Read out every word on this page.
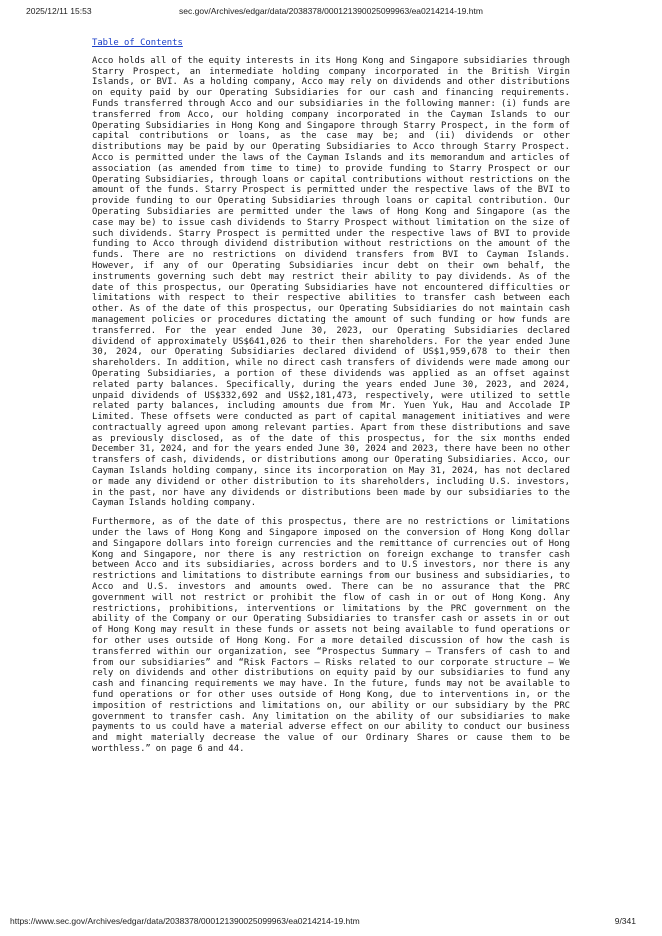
2025/12/11 15:53	sec.gov/Archives/edgar/data/2038378/000121390025099963/ea0214214-19.htm
Table of Contents

Acco holds all of the equity interests in its Hong Kong and Singapore subsidiaries through Starry Prospect, an intermediate holding company incorporated in the British Virgin Islands, or BVI. As a holding company, Acco may rely on dividends and other distributions on equity paid by our Operating Subsidiaries for our cash and financing requirements. Funds transferred through Acco and our subsidiaries in the following manner: (i) funds are transferred from Acco, our holding company incorporated in the Cayman Islands to our Operating Subsidiaries in Hong Kong and Singapore through Starry Prospect, in the form of capital contributions or loans, as the case may be; and (ii) dividends or other distributions may be paid by our Operating Subsidiaries to Acco through Starry Prospect. Acco is permitted under the laws of the Cayman Islands and its memorandum and articles of association (as amended from time to time) to provide funding to Starry Prospect or our Operating Subsidiaries, through loans or capital contributions without restrictions on the amount of the funds. Starry Prospect is permitted under the respective laws of the BVI to provide funding to our Operating Subsidiaries through loans or capital contribution. Our Operating Subsidiaries are permitted under the laws of Hong Kong and Singapore (as the case may be) to issue cash dividends to Starry Prospect without limitation on the size of such dividends. Starry Prospect is permitted under the respective laws of BVI to provide funding to Acco through dividend distribution without restrictions on the amount of the funds. There are no restrictions on dividend transfers from BVI to Cayman Islands. However, if any of our Operating Subsidiaries incur debt on their own behalf, the instruments governing such debt may restrict their ability to pay dividends. As of the date of this prospectus, our Operating Subsidiaries have not encountered difficulties or limitations with respect to their respective abilities to transfer cash between each other. As of the date of this prospectus, our Operating Subsidiaries do not maintain cash management policies or procedures dictating the amount of such funding or how funds are transferred. For the year ended June 30, 2023, our Operating Subsidiaries declared dividend of approximately US$641,026 to their then shareholders. For the year ended June 30, 2024, our Operating Subsidiaries declared dividend of US$1,959,678 to their then shareholders. In addition, while no direct cash transfers of dividends were made among our Operating Subsidiaries, a portion of these dividends was applied as an offset against related party balances. Specifically, during the years ended June 30, 2023, and 2024, unpaid dividends of US$332,692 and US$2,181,473, respectively, were utilized to settle related party balances, including amounts due from Mr. Yuen Yuk, Hau and Accolade IP Limited. These offsets were conducted as part of capital management initiatives and were contractually agreed upon among relevant parties. Apart from these distributions and save as previously disclosed, as of the date of this prospectus, for the six months ended December 31, 2024, and for the years ended June 30, 2024 and 2023, there have been no other transfers of cash, dividends, or distributions among our Operating Subsidiaries. Acco, our Cayman Islands holding company, since its incorporation on May 31, 2024, has not declared or made any dividend or other distribution to its shareholders, including U.S. investors, in the past, nor have any dividends or distributions been made by our subsidiaries to the Cayman Islands holding company.

Furthermore, as of the date of this prospectus, there are no restrictions or limitations under the laws of Hong Kong and Singapore imposed on the conversion of Hong Kong dollar and Singapore dollars into foreign currencies and the remittance of currencies out of Hong Kong and Singapore, nor there is any restriction on foreign exchange to transfer cash between Acco and its subsidiaries, across borders and to U.S investors, nor there is any restrictions and limitations to distribute earnings from our business and subsidiaries, to Acco and U.S. investors and amounts owed. There can be no assurance that the PRC government will not restrict or prohibit the flow of cash in or out of Hong Kong. Any restrictions, prohibitions, interventions or limitations by the PRC government on the ability of the Company or our Operating Subsidiaries to transfer cash or assets in or out of Hong Kong may result in these funds or assets not being available to fund operations or for other uses outside of Hong Kong. For a more detailed discussion of how the cash is transferred within our organization, see “Prospectus Summary — Transfers of cash to and from our subsidiaries” and “Risk Factors — Risks related to our corporate structure — We rely on dividends and other distributions on equity paid by our subsidiaries to fund any cash and financing requirements we may have. In the future, funds may not be available to fund operations or for other uses outside of Hong Kong, due to interventions in, or the imposition of restrictions and limitations on, our ability or our subsidiary by the PRC government to transfer cash. Any limitation on the ability of our subsidiaries to make payments to us could have a material adverse effect on our ability to conduct our business and might materially decrease the value of our Ordinary Shares or cause them to be worthless.” on page 6 and 44.

https://www.sec.gov/Archives/edgar/data/2038378/000121390025099963/ea0214214-19.htm	9/341
